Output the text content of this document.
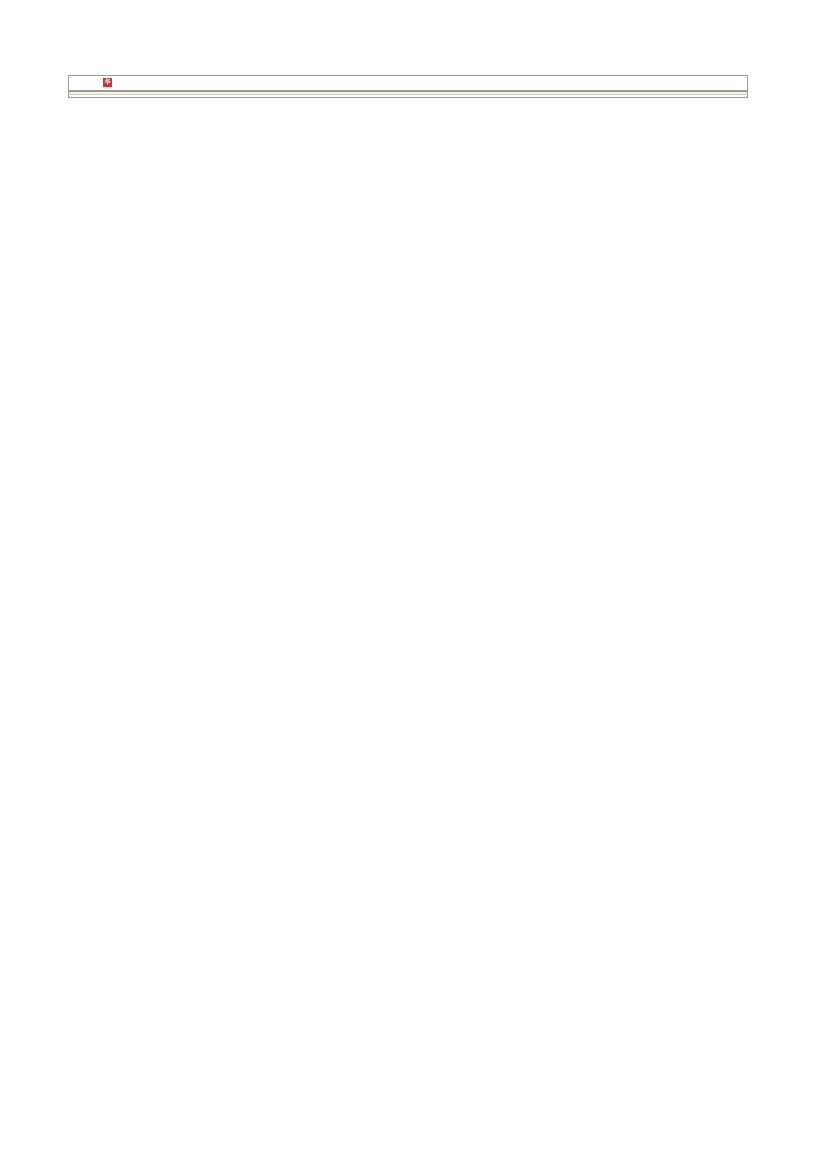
华
